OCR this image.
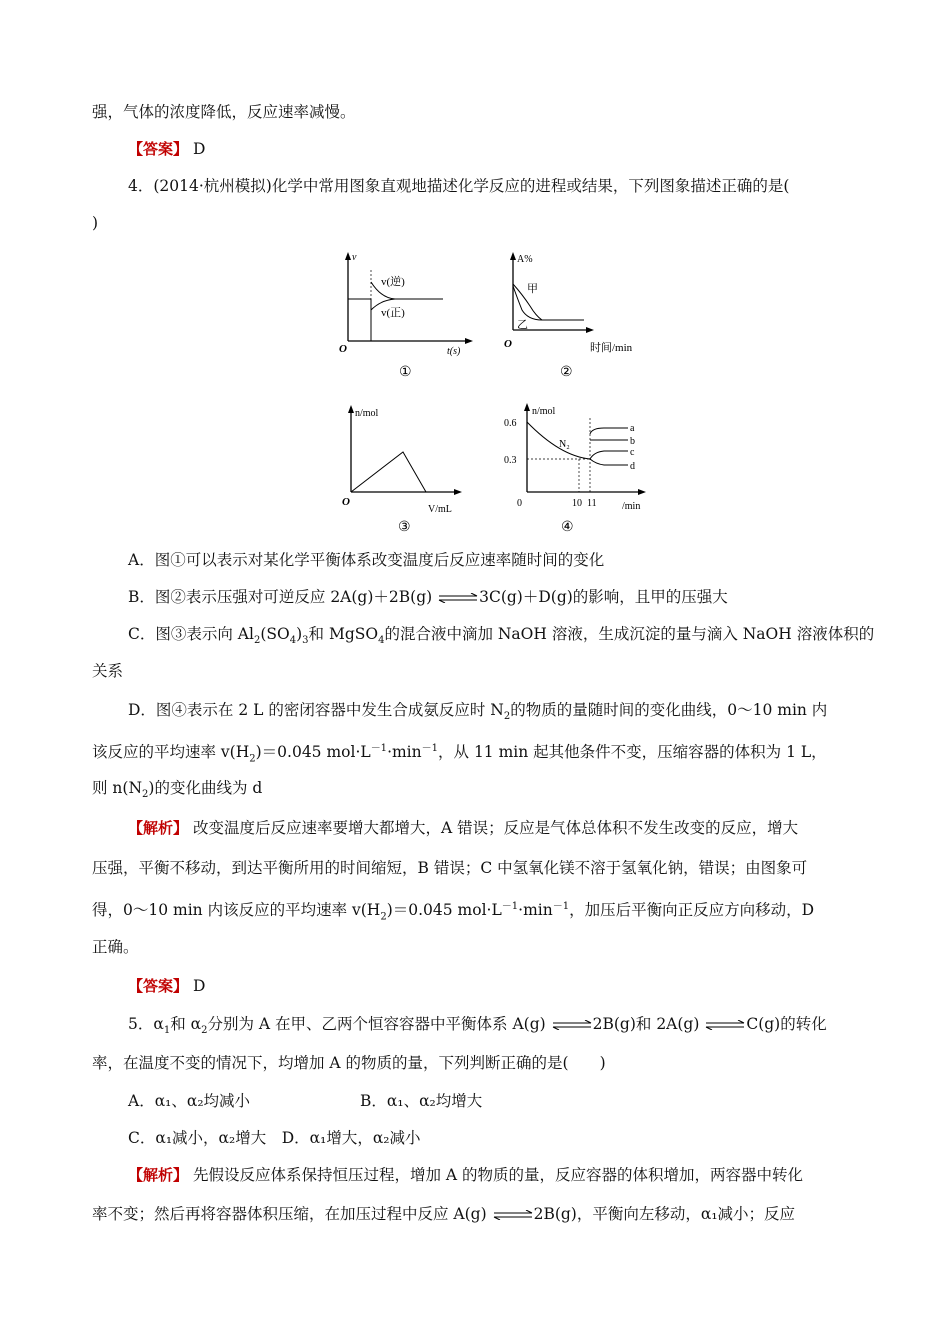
强，气体的浓度降低，反应速率减慢。
【答案】 D
4．(2014·杭州模拟)化学中常用图象直观地描述化学反应的进程或结果，下列图象描述正确的是(
)
v
v(逆)
v(正)
O	t(s)
①
A%
甲
乙
O	时间/min
②
n/mol
O
V/mL
③
n/mol
0.6
0.3
N₂
a
b
c
d
0	10 11	/min
④
A．图①可以表示对某化学平衡体系改变温度后反应速率随时间的变化
B．图②表示压强对可逆反应 2A(g)＋2B(g) ⇌3C(g)＋D(g)的影响，且甲的压强大
C．图③表示向 $Al_2(SO_4)_3$和 MgSO$_4$的混合液中滴加 NaOH 溶液，生成沉淀的量与滴入 NaOH 溶液体积的
关系
D．图④表示在 2 L 的密闭容器中发生合成氨反应时 $N_2$的物质的量随时间的变化曲线，0～10 min 内
该反应的平均速率 $v(H_2)=0.045$ $mol\cdot L^{-1}\cdot\min^{-1}$，从 11 min 起其他条件不变，压缩容器的体积为 1 L，
则 $n(N_2)$的变化曲线为 d
【解析】 改变温度后反应速率要增大都增大，A 错误；反应是气体总体积不发生改变的反应，增大
压强，平衡不移动，到达平衡所用的时间缩短，B 错误；C 中氢氧化镁不溶于氢氧化钠，错误；由图象可
得，0～10 min 内该反应的平均速率 $v(H_2)=0.045$ $mol\cdot L^{-1}\cdot\min^{-1}$，加压后平衡向正反应方向移动，D
正确。
【答案】 D
5．$\alpha_1$和 $\alpha_2$分别为 A 在甲、乙两个恒容容器中平衡体系 A(g) ⇌2B(g)和 2A(g) ⇌C(g)的转化
率，在温度不变的情况下，均增加 A 的物质的量，下列判断正确的是(　　)
A．α₁、α₂均减小	B．α₁、α₂均增大
C．α₁减小，α₂增大　D．α₁增大，α₂减小
【解析】 先假设反应体系保持恒压过程，增加 A 的物质的量，反应容器的体积增加，两容器中转化
率不变；然后再将容器体积压缩，在加压过程中反应 A(g) ⇌2B(g)，平衡向左移动，α₁减小；反应
